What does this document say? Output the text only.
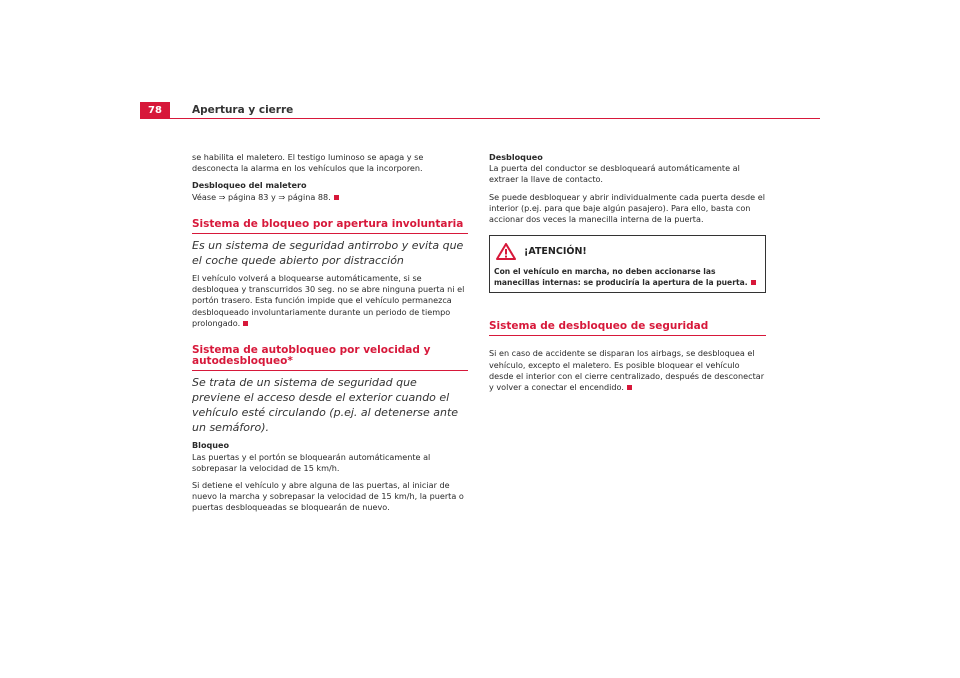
78	Apertura y cierre

se habilita el maletero. El testigo luminoso se apaga y se desconecta la alarma en los vehículos que la incorporen.

Desbloqueo del maletero

Véase ⇒ página 83 y ⇒ página 88.

Sistema de bloqueo por apertura involuntaria

Es un sistema de seguridad antirrobo y evita que el coche quede abierto por distracción

El vehículo volverá a bloquearse automáticamente, si se desbloquea y transcurridos 30 seg. no se abre ninguna puerta ni el portón trasero. Esta función impide que el vehículo permanezca desbloqueado involuntariamente durante un periodo de tiempo prolongado.

Sistema de autobloqueo por velocidad y autodesbloqueo*

Se trata de un sistema de seguridad que previene el acceso desde el exterior cuando el vehículo esté circulando (p.ej. al detenerse ante un semáforo).

Bloqueo

Las puertas y el portón se bloquearán automáticamente al sobrepasar la velocidad de 15 km/h.

Si detiene el vehículo y abre alguna de las puertas, al iniciar de nuevo la marcha y sobrepasar la velocidad de 15 km/h, la puerta o puertas desbloqueadas se bloquearán de nuevo.

Desbloqueo

La puerta del conductor se desbloqueará automáticamente al extraer la llave de contacto.

Se puede desbloquear y abrir individualmente cada puerta desde el interior (p.ej. para que baje algún pasajero). Para ello, basta con accionar dos veces la manecilla interna de la puerta.

¡ATENCIÓN!
Con el vehículo en marcha, no deben accionarse las manecillas internas: se produciría la apertura de la puerta.
Sistema de desbloqueo de seguridad

Si en caso de accidente se disparan los airbags, se desbloquea el vehículo, excepto el maletero. Es posible bloquear el vehículo desde el interior con el cierre centralizado, después de desconectar y volver a conectar el encendido.
